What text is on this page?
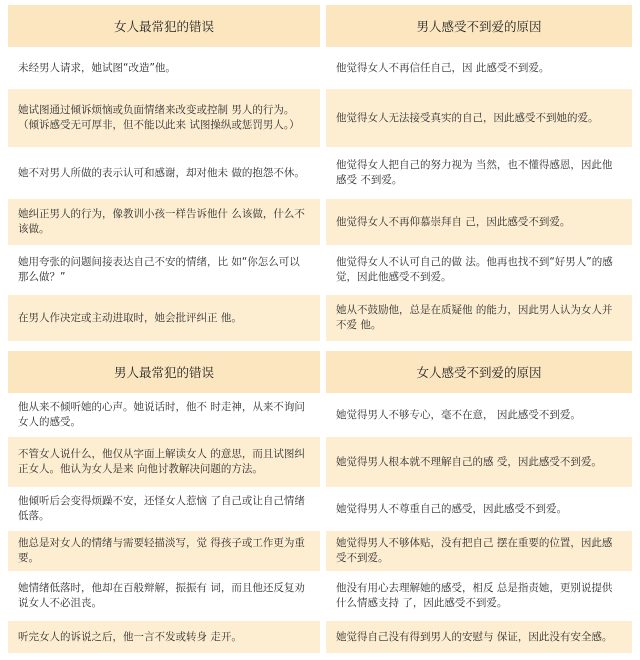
女人最常犯的错误	男人感受不到爱的原因
未经男人请求，她试图“改造”他。	他觉得女人不再信任自己，因 此感受不到爱。
她试图通过倾诉烦恼或负面情绪来改变或控制 男人的行为。（倾诉感受无可厚非，但不能以此来 试图操纵或惩罚男人。）	他觉得女人无法接受真实的自己，因此感受不到她的爱。
她不对男人所做的表示认可和感谢，却对他未 做的抱怨不休。	他觉得女人把自己的努力视为 当然，也不懂得感恩，因此他感受 不到爱。
她纠正男人的行为，像教训小孩一样告诉他什 么该做，什么不该做。	他觉得女人不再仰慕崇拜自 己，因此感受不到爱。
她用夸张的问题间接表达自己不安的情绪，比 如“你怎么可以那么做？”	他觉得女人不认可自己的做 法。他再也找不到“好男人”的感觉，因此他感受不到爱。
在男人作决定或主动进取时，她会批评纠正 他。	她从不鼓励他，总是在质疑他 的能力，因此男人认为女人并不爱 他。
男人最常犯的错误	女人感受不到爱的原因
他从来不倾听她的心声。她说话时，他不 时走神，从来不询问女人的感受。	她觉得男人不够专心，毫不在意， 因此感受不到爱。
不管女人说什么，他仅从字面上解读女人 的意思，而且试图纠正女人。他认为女人是来 向他讨教解决问题的方法。	她觉得男人根本就不理解自己的感 受，因此感受不到爱。
他倾听后会变得烦躁不安，还怪女人惹恼 了自己或让自己情绪低落。	她觉得男人不尊重自己的感受，因此感受不到爱。
他总是对女人的情绪与需要轻描淡写，觉 得孩子或工作更为重要。	她觉得男人不够体贴，没有把自己 摆在重要的位置，因此感受不到爱。
她情绪低落时，他却在百般辩解，振振有 词，而且他还反复劝说女人不必沮丧。	他没有用心去理解她的感受，相反 总是指责她，更别说提供什么情感支持 了，因此感受不到爱。
听完女人的诉说之后，他一言不发或转身 走开。	她觉得自己没有得到男人的安慰与 保证，因此没有安全感。
